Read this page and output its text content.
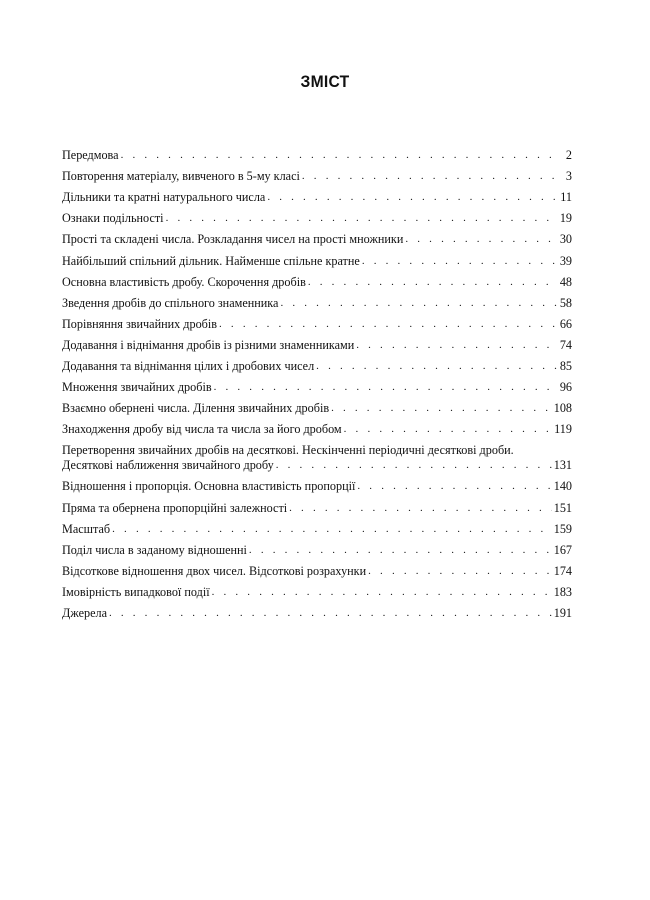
ЗМІСТ
Передмова . . .	2
Повторення матеріалу, вивченого в 5-му класі . . .	3
Дільники та кратні натурального числа . . .	11
Ознаки подільності . . .	19
Прості та складені числа. Розкладання чисел на прості множники . . .	30
Найбільший спільний дільник. Найменше спільне кратне . . .	39
Основна властивість дробу. Скорочення дробів . . .	48
Зведення дробів до спільного знаменника . . .	58
Порівняння звичайних дробів . . .	66
Додавання і віднімання дробів із різними знаменниками . . .	74
Додавання та віднімання цілих і дробових чисел . . .	85
Множення звичайних дробів . . .	96
Взаємно обернені числа. Ділення звичайних дробів . . .	108
Знаходження дробу від числа та числа за його дробом . . .	119
Перетворення звичайних дробів на десяткові. Нескінченні періодичні десяткові дроби.
Десяткові наближення звичайного дробу . . .	131
Відношення і пропорція. Основна властивість пропорції . . .	140
Пряма та обернена пропорційні залежності . . .	151
Масштаб . . .	159
Поділ числа в заданому відношенні . . .	167
Відсоткове відношення двох чисел. Відсоткові розрахунки . . .	174
Імовірність випадкової події . . .	183
Джерела . . .	191
